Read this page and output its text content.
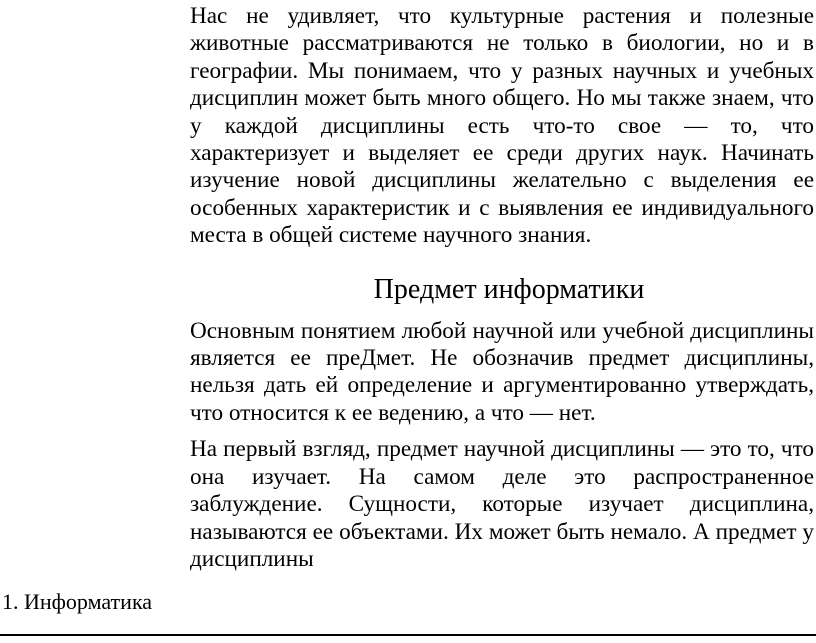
Нас не удивляет, что культурные растения и полезные животные рассматриваются не только в биологии, но и в географии. Мы понимаем, что у разных научных и учебных дисциплин может быть много общего. Но мы также знаем, что у каждой дисциплины есть что-то свое — то, что характеризует и выделяет ее среди других наук. Начинать изучение новой дисциплины желательно с выделения ее особенных характеристик и с выявления ее индивидуального места в общей системе научного знания.

Предмет информатики

Основным понятием любой научной или учебной дисциплины является ее преДмет. Не обозначив предмет дисциплины, нельзя дать ей определение и аргументированно утверждать, что относится к ее ведению, а что — нет.

На первый взгляд, предмет научной дисциплины — это то, что она изучает. На самом деле это распространенное заблуждение. Сущности, которые изучает дисциплина, называются ее объектами. Их может быть немало. А предмет у дисциплины

1. Информатика
